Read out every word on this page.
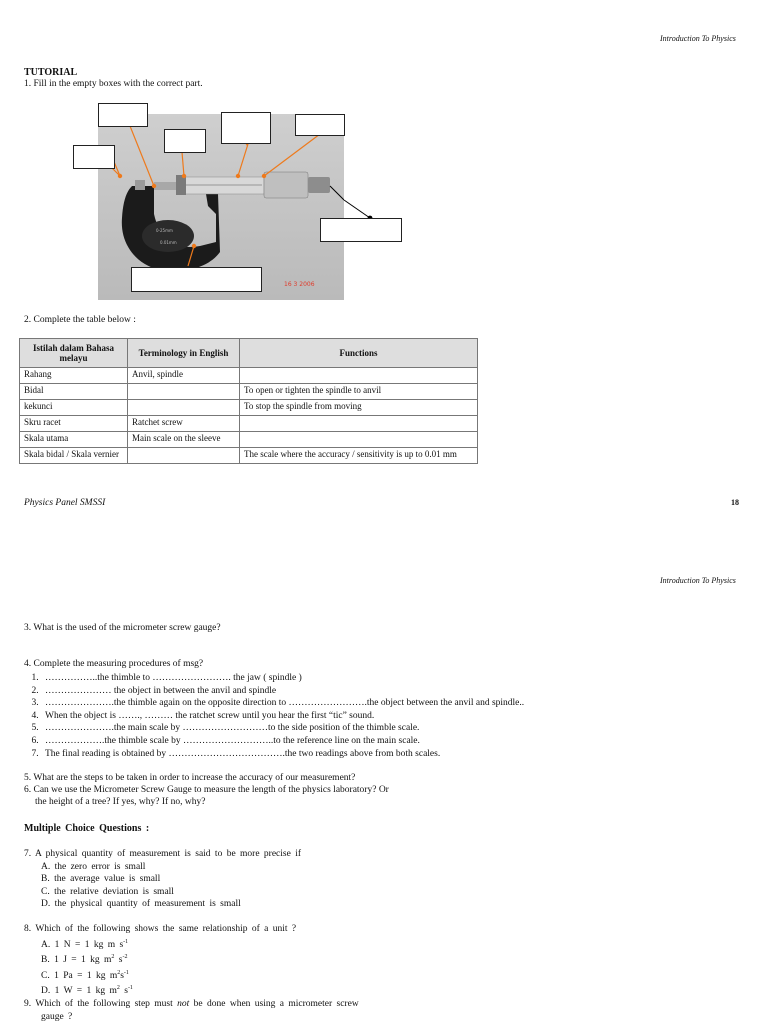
Introduction To Physics
TUTORIAL
1. Fill in the empty boxes with the correct part.
0-25mm
0.01mm
16 3 2006
2. Complete the table below :
Istilah dalam Bahasa melayu	Terminology in English	Functions
Rahang	Anvil, spindle	
Bidal		To open or tighten the spindle to anvil
kekunci		To stop the spindle from moving
Skru racet	Ratchet screw	
Skala utama	Main scale on the sleeve	
Skala bidal / Skala vernier		The scale where the accuracy / sensitivity is up to 0.01 mm
Physics Panel SMSSI	18
Introduction To Physics
3. What is the used of the micrometer screw gauge?
4. Complete the measuring procedures of msg?
1. ……………..the thimble to ……………………. the jaw ( spindle )
2. ………………… the object in between the anvil and spindle
3. ………………….the thimble again on the opposite direction to …………………….the object between the anvil and spindle..
4. When the object is ……., ……… the ratchet screw until you hear the first “tic” sound.
5. ………………….the main scale by ………………………to the side position of the thimble scale.
6. ……………….the thimble scale by ………………………..to the reference line on the main scale.
7. The final reading is obtained by ……………………………….the two readings above from both scales.
5. What are the steps to be taken in order to increase the accuracy of our measurement?
6. Can we use the Micrometer Screw Gauge to measure the length of the physics laboratory? Or
the height of a tree? If yes, why? If no, why?
Multiple Choice Questions :
7. A physical quantity of measurement is said to be more precise if
A. the zero error is small
B. the average value is small
C. the relative deviation is small
D. the physical quantity of measurement is small
8. Which of the following shows the same relationship of a unit ?
A. 1 N = 1 kg m $s^{-1}$
B. 1 J = 1 kg $m^2$ $s^{-2}$
C. 1 Pa = 1 kg $m^2s^{-1}$
D. 1 W = 1 kg $m^2$ $s^{-1}$
9. Which of the following step must not be done when using a micrometer screw
gauge ?
